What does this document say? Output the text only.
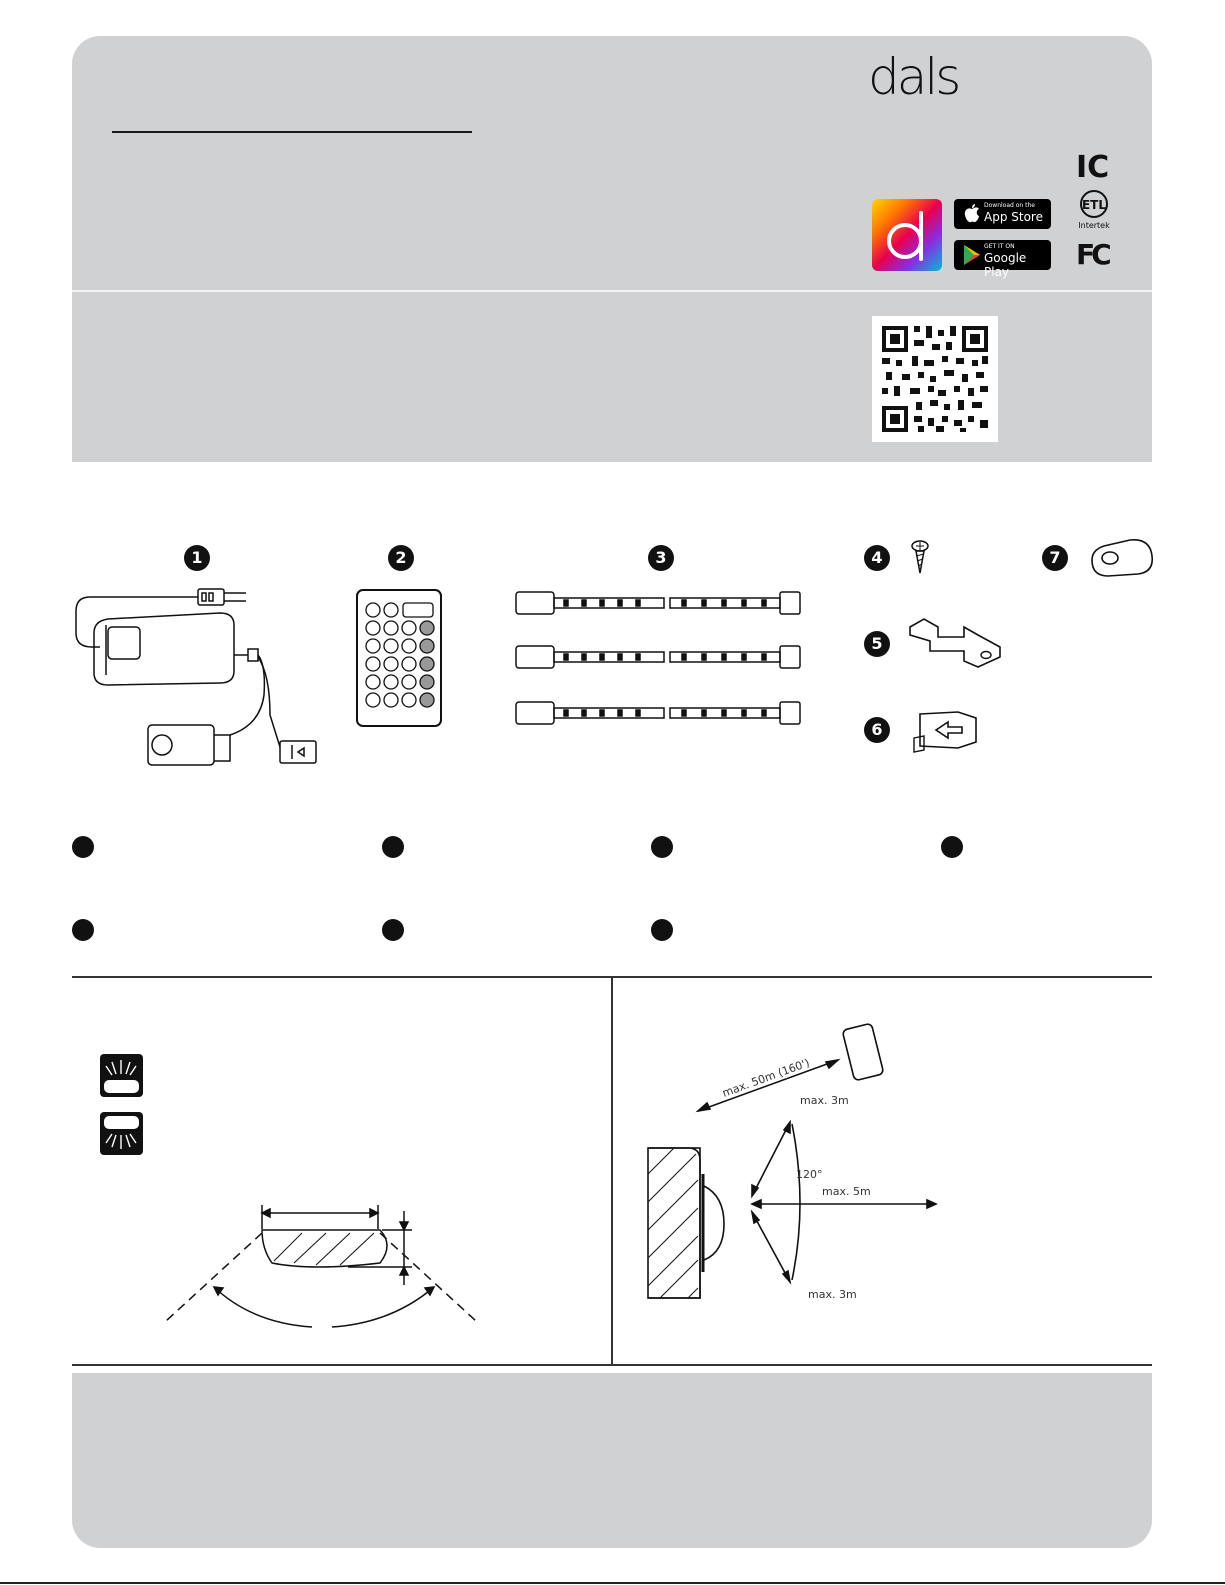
dals
Download on the
App Store
GET IT ON
Google Play
IC
ETL
Intertek
FC
1	2	3	4	7
5
6
max. 50m (160')
max. 3m
120°
max. 5m
max. 3m
